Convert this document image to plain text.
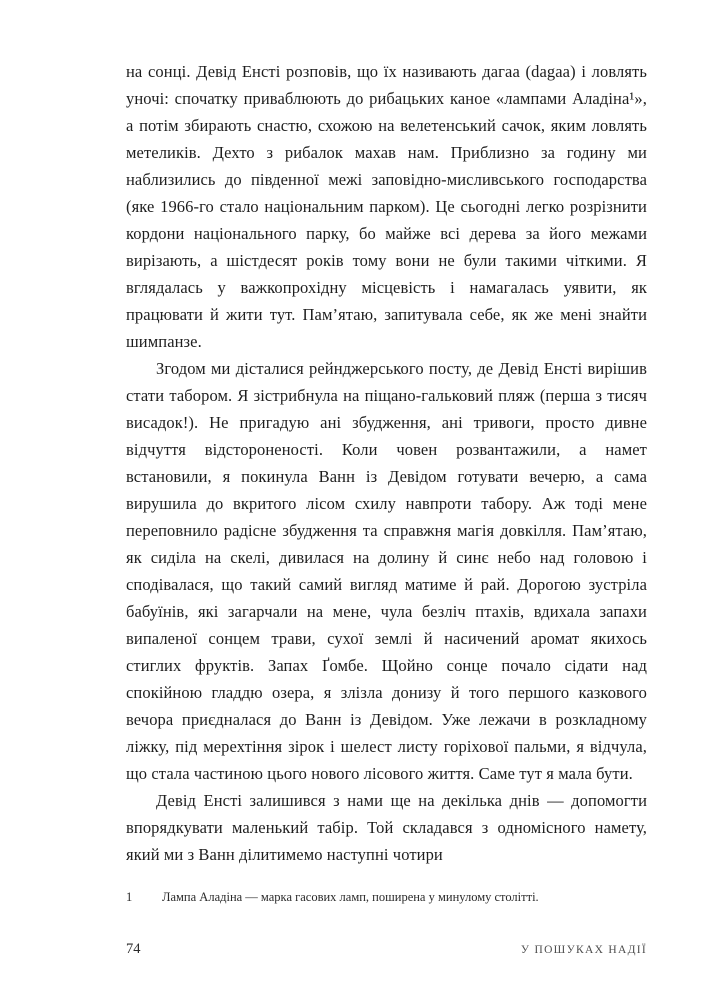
на сонці. Девід Енсті розповів, що їх називають дагаа (dagaa) і ловлять уночі: спочатку приваблюють до рибацьких каное «лампами Аладіна¹», а потім збирають снастю, схожою на велетенський сачок, яким ловлять метеликів. Дехто з рибалок махав нам. Приблизно за годину ми наблизились до південної межі заповідно-мисливського господарства (яке 1966-го стало національним парком). Це сьогодні легко розрізнити кордони національного парку, бо майже всі дерева за його межами вирізають, а шістдесят років тому вони не були такими чіткими. Я вглядалась у важкопрохідну місцевість і намагалась уявити, як працювати й жити тут. Пам’ятаю, запитувала себе, як же мені знайти шимпанзе.

Згодом ми дісталися рейнджерського посту, де Девід Енсті вирішив стати табором. Я зістрибнула на піщано-гальковий пляж (перша з тисяч висадок!). Не пригадую ані збудження, ані тривоги, просто дивне відчуття відстороненості. Коли човен розвантажили, а намет встановили, я покинула Ванн із Девідом готувати вечерю, а сама вирушила до вкритого лісом схилу навпроти табору. Аж тоді мене переповнило радісне збудження та справжня магія довкілля. Пам’ятаю, як сиділа на скелі, дивилася на долину й синє небо над головою і сподівалася, що такий самий вигляд матиме й рай. Дорогою зустріла бабуїнів, які загарчали на мене, чула безліч птахів, вдихала запахи випаленої сонцем трави, сухої землі й насичений аромат якихось стиглих фруктів. Запах Ґомбе. Щойно сонце почало сідати над спокійною гладдю озера, я злізла донизу й того першого казкового вечора приєдналася до Ванн із Девідом. Уже лежачи в розкладному ліжку, під мерехтіння зірок і шелест листу горіхової пальми, я відчула, що стала частиною цього нового лісового життя. Саме тут я мала бути.

Девід Енсті залишився з нами ще на декілька днів — допомогти впорядкувати маленький табір. Той складався з одномісного намету, який ми з Ванн ділитимемо наступні чотири

1	Лампа Аладіна — марка гасових ламп, поширена у минулому столітті.
74	У ПОШУКАХ НАДІЇ
